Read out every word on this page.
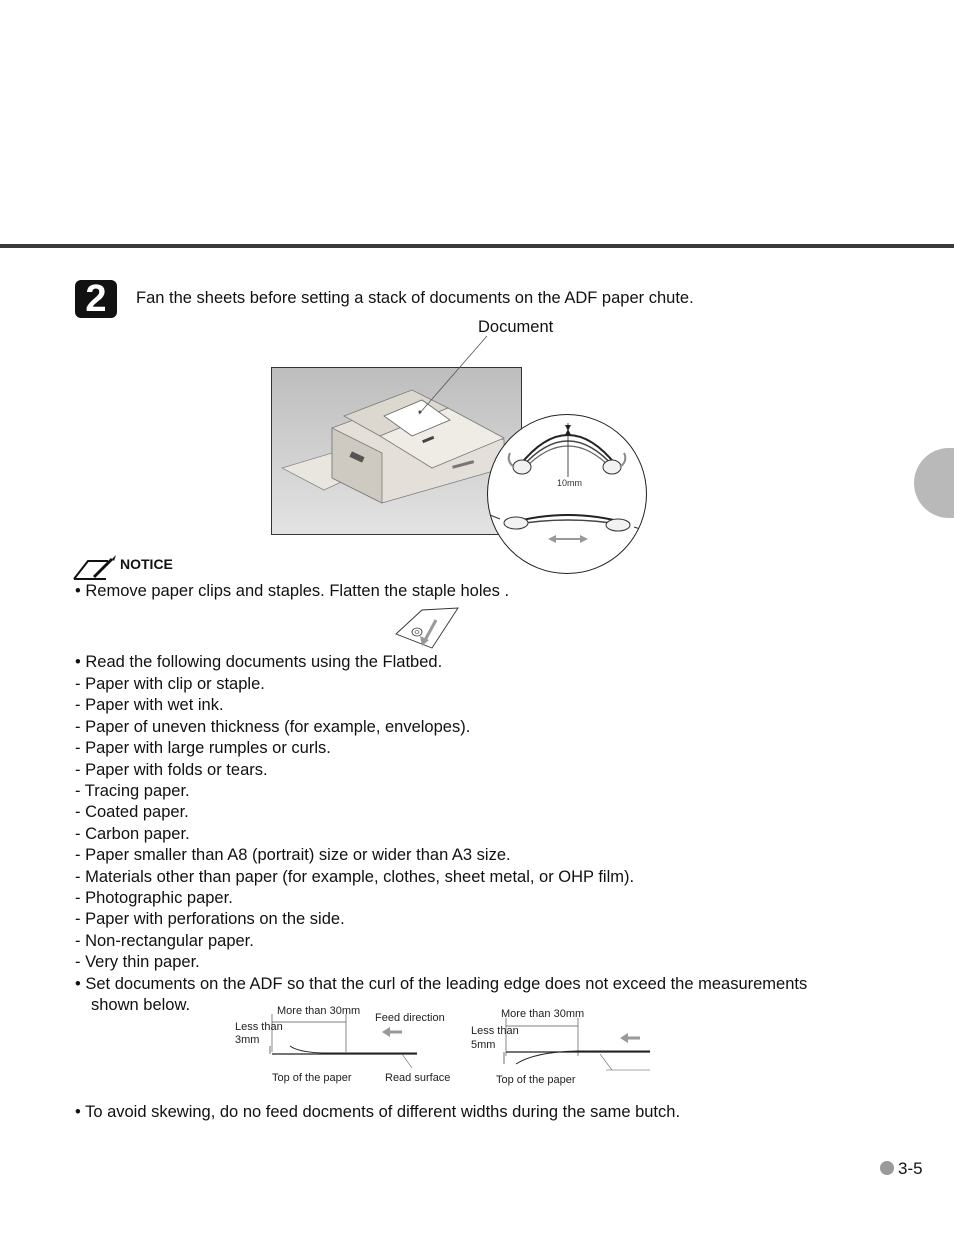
2	Fan the sheets before setting a stack of documents on the ADF paper chute.
Document
10mm
NOTICE
• Remove paper clips and staples. Flatten the staple holes .
• Read the following documents using the Flatbed.
- Paper with clip or staple.
- Paper with wet ink.
- Paper of uneven thickness (for example, envelopes).
- Paper with large rumples or curls.
- Paper with folds or tears.
- Tracing paper.
- Coated paper.
- Carbon paper.
- Paper smaller than A8 (portrait) size or wider than A3 size.
- Materials other than paper (for example, clothes, sheet metal, or OHP film).
- Photographic paper.
- Paper with perforations on the side.
- Non-rectangular paper.
- Very thin paper.
• Set documents on the ADF so that the curl of the leading edge does not exceed the measurements
shown below.	More than 30mm
Feed direction
Less than
3mm
Top of the paper	Read surface
More than 30mm
Less than
5mm
Top of the paper
• To avoid skewing, do no feed docments of different widths during the same butch.
3-5
